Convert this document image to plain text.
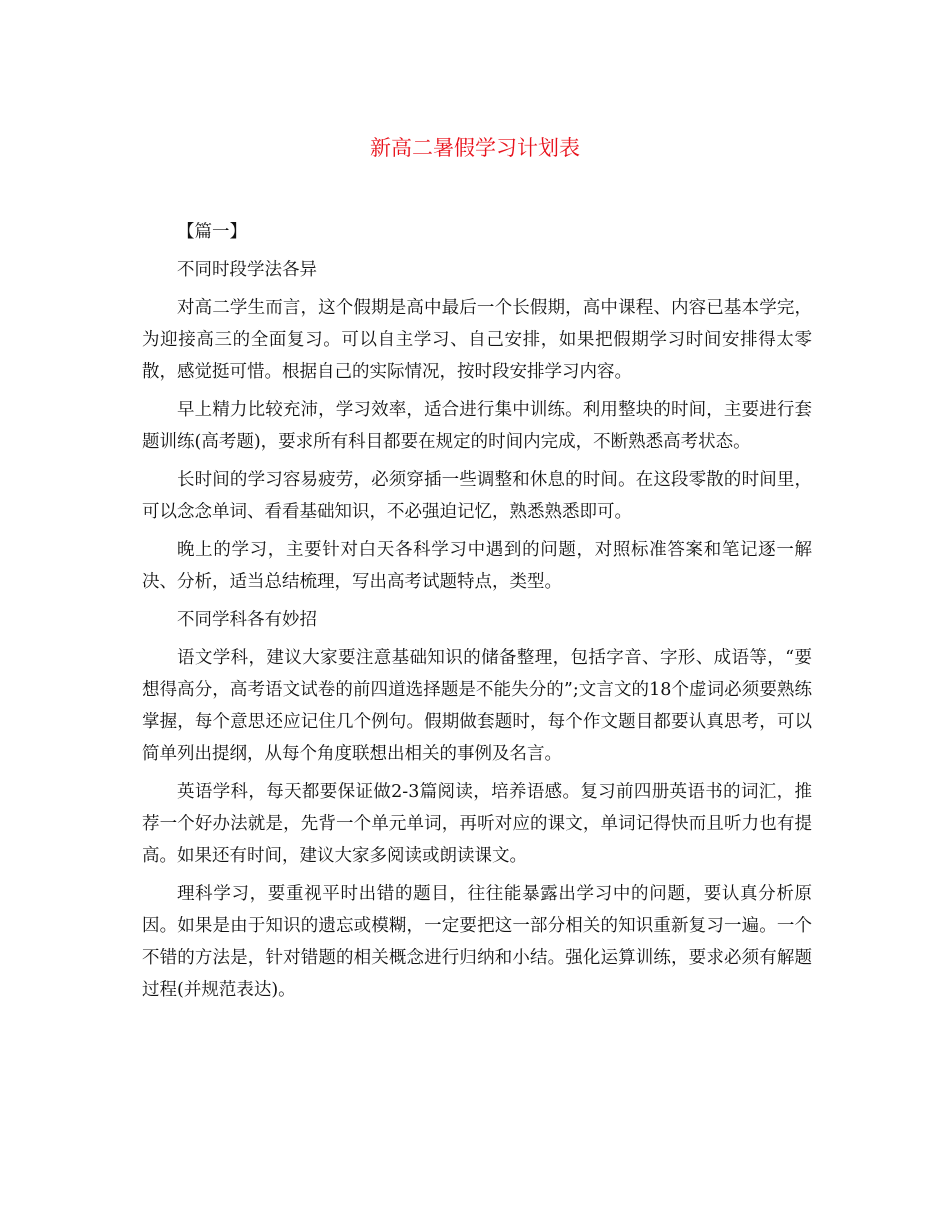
新高二暑假学习计划表

【篇一】

不同时段学法各异

对高二学生而言，这个假期是高中最后一个长假期，高中课程、内容已基本学完，为迎接高三的全面复习。可以自主学习、自己安排，如果把假期学习时间安排得太零散，感觉挺可惜。根据自己的实际情况，按时段安排学习内容。

早上精力比较充沛，学习效率，适合进行集中训练。利用整块的时间，主要进行套题训练(高考题)，要求所有科目都要在规定的时间内完成，不断熟悉高考状态。

长时间的学习容易疲劳，必须穿插一些调整和休息的时间。在这段零散的时间里，可以念念单词、看看基础知识，不必强迫记忆，熟悉熟悉即可。

晚上的学习，主要针对白天各科学习中遇到的问题，对照标准答案和笔记逐一解决、分析，适当总结梳理，写出高考试题特点，类型。

不同学科各有妙招

语文学科，建议大家要注意基础知识的储备整理，包括字音、字形、成语等，“要想得高分，高考语文试卷的前四道选择题是不能失分的”;文言文的18个虚词必须要熟练掌握，每个意思还应记住几个例句。假期做套题时，每个作文题目都要认真思考，可以简单列出提纲，从每个角度联想出相关的事例及名言。

英语学科，每天都要保证做2-3篇阅读，培养语感。复习前四册英语书的词汇，推荐一个好办法就是，先背一个单元单词，再听对应的课文，单词记得快而且听力也有提高。如果还有时间，建议大家多阅读或朗读课文。

理科学习，要重视平时出错的题目，往往能暴露出学习中的问题，要认真分析原因。如果是由于知识的遗忘或模糊，一定要把这一部分相关的知识重新复习一遍。一个不错的方法是，针对错题的相关概念进行归纳和小结。强化运算训练，要求必须有解题过程(并规范表达)。
